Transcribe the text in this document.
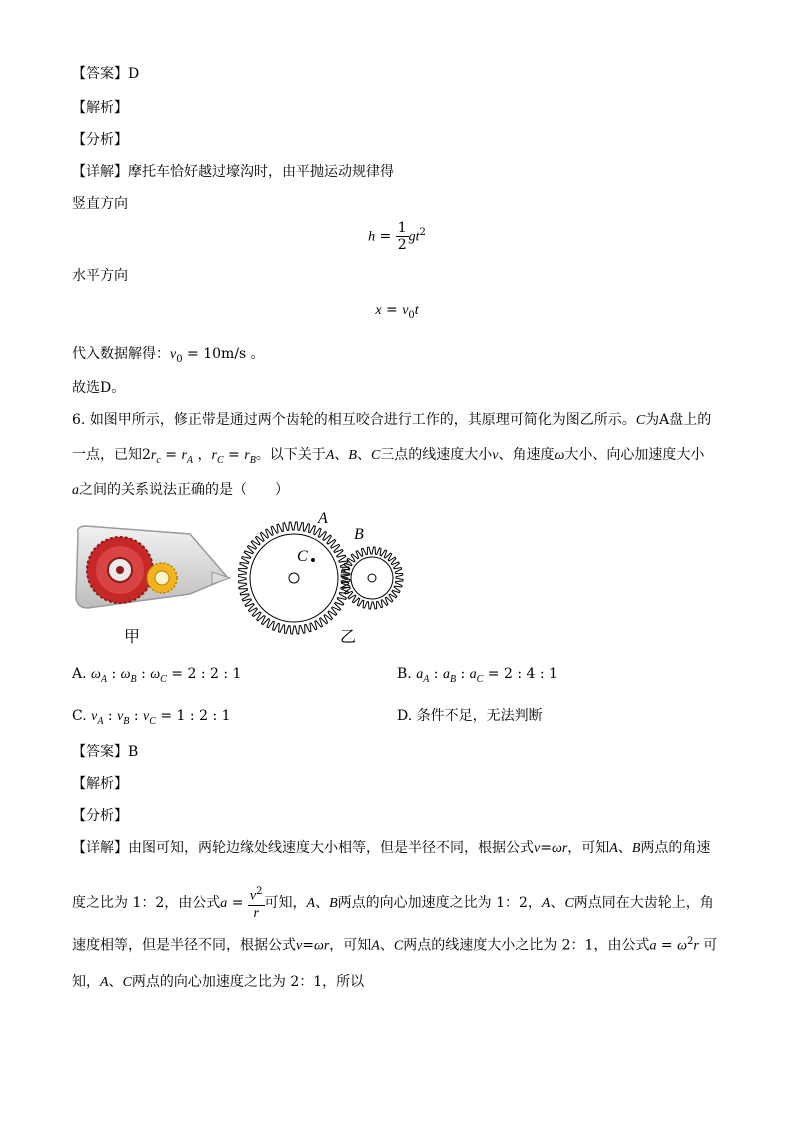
【答案】D
【解析】
【分析】
【详解】摩托车恰好越过壕沟时，由平抛运动规律得
竖直方向
$h = \frac{1}{2} gt^2$
水平方向
$x = v_0t$
代入数据解得：$v_0 = 10m/s$ 。
故选D。
6. 如图甲所示，修正带是通过两个齿轮的相互咬合进行工作的，其原理可简化为图乙所示。C为A盘上的
一点，已知$2r_c = r_A$ ，$r_C = r_B$。以下关于A、B、C三点的线速度大小v、角速度ω大小、向心加速度大小
a之间的关系说法正确的是（　　）
甲
A
B
C
乙
A. $\omega_A$ : $\omega_B$ : $\omega_C = 2$ : 2 : 1	B. $a_A$ : $a_B$ : $a_C = 2$ : 4 : 1
C. $v_A$ : $v_B$ : $v_C = 1$ : 2 : 1	D. 条件不足，无法判断
【答案】B
【解析】
【分析】
【详解】由图可知，两轮边缘处线速度大小相等，但是半径不同，根据公式v=ωr，可知A、B两点的角速
度之比为 1：2，由公式$a = \frac{v^2}{r}$ 可知，A、B两点的向心加速度之比为 1：2，A、C两点同在大齿轮上，角
速度相等，但是半径不同，根据公式v=ωr，可知A、C两点的线速度大小之比为 2：1，由公式$a = \omega^2r$ 可
知，A、C两点的向心加速度之比为 2：1，所以
